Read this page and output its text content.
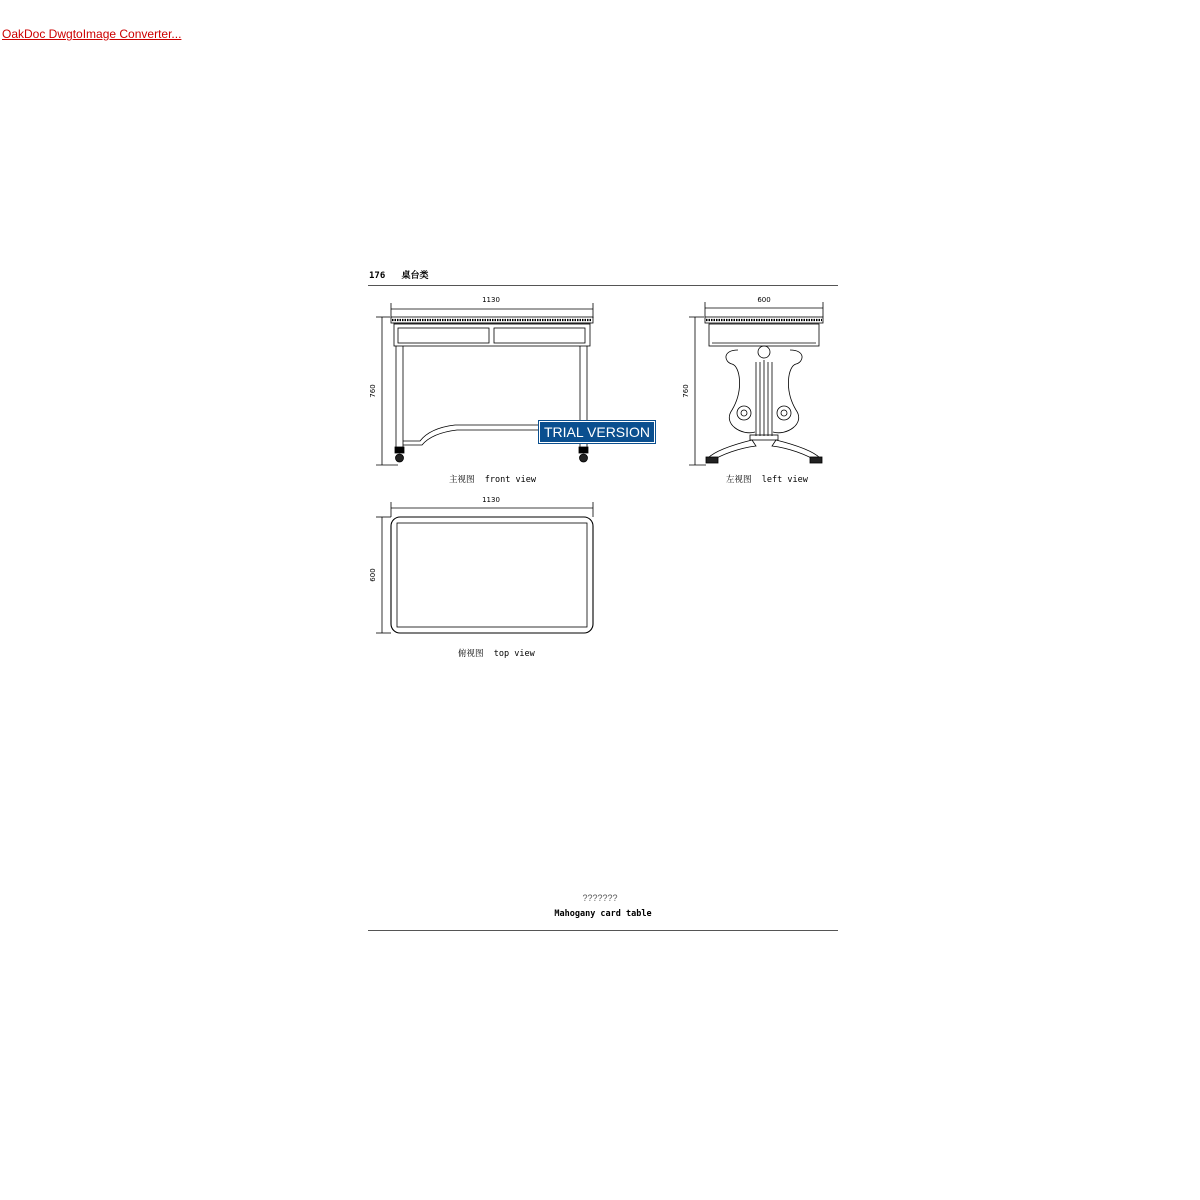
OakDoc DwgtoImage Converter...
176 桌台类
1130
760
600
760
1130
600
TRIAL VERSION
主视图 front view	左视图 left view
俯视图 top view
???????
Mahogany card table
